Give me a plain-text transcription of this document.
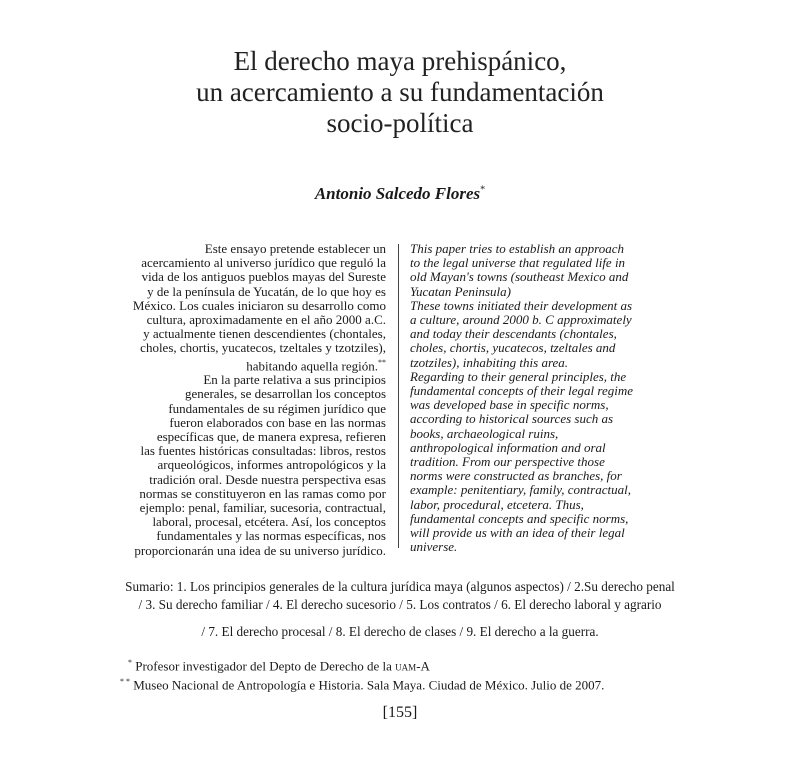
El derecho maya prehispánico,
un acercamiento a su fundamentación
socio-política
Antonio Salcedo Flores*
Este ensayo pretende establecer un
acercamiento al universo jurídico que reguló la
vida de los antiguos pueblos mayas del Sureste
y de la península de Yucatán, de lo que hoy es
México. Los cuales iniciaron su desarrollo como
cultura, aproximadamente en el año 2000 a.C.
y actualmente tienen descendientes (chontales,
choles, chortis, yucatecos, tzeltales y tzotziles),
habitando aquella región.**
En la parte relativa a sus principios
generales, se desarrollan los conceptos
fundamentales de su régimen jurídico que
fueron elaborados con base en las normas
específicas que, de manera expresa, refieren
las fuentes históricas consultadas: libros, restos
arqueológicos, informes antropológicos y la
tradición oral. Desde nuestra perspectiva esas
normas se constituyeron en las ramas como por
ejemplo: penal, familiar, sucesoria, contractual,
laboral, procesal, etcétera. Así, los conceptos
fundamentales y las normas específicas, nos
proporcionarán una idea de su universo jurídico.
This paper tries to establish an approach
to the legal universe that regulated life in
old Mayan's towns (southeast Mexico and
Yucatan Peninsula)
These towns initiated their development as
a culture, around 2000 b. C approximately
and today their descendants (chontales,
choles, chortis, yucatecos, tzeltales and
tzotziles), inhabiting this area.
Regarding to their general principles, the
fundamental concepts of their legal regime
was developed base in specific norms,
according to historical sources such as
books, archaeological ruins,
anthropological information and oral
tradition. From our perspective those
norms were constructed as branches, for
example: penitentiary, family, contractual,
labor, procedural, etcetera. Thus,
fundamental concepts and specific norms,
will provide us with an idea of their legal
universe.
Sumario: 1. Los principios generales de la cultura jurídica maya (algunos aspectos) / 2.Su derecho penal
/ 3. Su derecho familiar / 4. El derecho sucesorio / 5. Los contratos / 6. El derecho laboral y agrario
/ 7. El derecho procesal / 8. El derecho de clases / 9. El derecho a la guerra.
* Profesor investigador del Depto de Derecho de la uam-A
* * Museo Nacional de Antropología e Historia. Sala Maya. Ciudad de México. Julio de 2007.
[155]
